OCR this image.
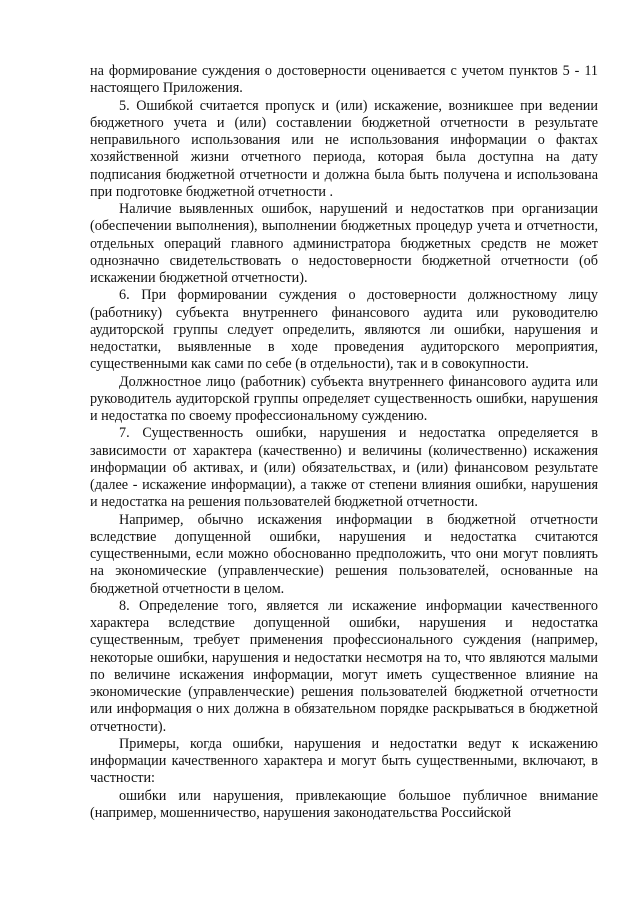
на формирование суждения о достоверности оценивается с учетом пунктов 5 - 11 настоящего Приложения.

5. Ошибкой считается пропуск и (или) искажение, возникшее при ведении бюджетного учета и (или) составлении бюджетной отчетности в результате неправильного использования или не использования информации о фактах хозяйственной жизни отчетного периода, которая была доступна на дату подписания бюджетной отчетности и должна была быть получена и использована при подготовке бюджетной отчетности .

Наличие выявленных ошибок, нарушений и недостатков при организации (обеспечении выполнения), выполнении бюджетных процедур учета и отчетности, отдельных операций главного администратора бюджетных средств не может однозначно свидетельствовать о недостоверности бюджетной отчетности (об искажении бюджетной отчетности).

6. При формировании суждения о достоверности должностному лицу (работнику) субъекта внутреннего финансового аудита или руководителю аудиторской группы следует определить, являются ли ошибки, нарушения и недостатки, выявленные в ходе проведения аудиторского мероприятия, существенными как сами по себе (в отдельности), так и в совокупности.

Должностное лицо (работник) субъекта внутреннего финансового аудита или руководитель аудиторской группы определяет существенность ошибки, нарушения и недостатка по своему профессиональному суждению.

7. Существенность ошибки, нарушения и недостатка определяется в зависимости от характера (качественно) и величины (количественно) искажения информации об активах, и (или) обязательствах, и (или) финансовом результате (далее - искажение информации), а также от степени влияния ошибки, нарушения и недостатка на решения пользователей бюджетной отчетности.

Например, обычно искажения информации в бюджетной отчетности вследствие допущенной ошибки, нарушения и недостатка считаются существенными, если можно обоснованно предположить, что они могут повлиять на экономические (управленческие) решения пользователей, основанные на бюджетной отчетности в целом.

8. Определение того, является ли искажение информации качественного характера вследствие допущенной ошибки, нарушения и недостатка существенным, требует применения профессионального суждения (например, некоторые ошибки, нарушения и недостатки несмотря на то, что являются малыми по величине искажения информации, могут иметь существенное влияние на экономические (управленческие) решения пользователей бюджетной отчетности или информация о них должна в обязательном порядке раскрываться в бюджетной отчетности).

Примеры, когда ошибки, нарушения и недостатки ведут к искажению информации качественного характера и могут быть существенными, включают, в частности:

ошибки или нарушения, привлекающие большое публичное внимание (например, мошенничество, нарушения законодательства Российской
